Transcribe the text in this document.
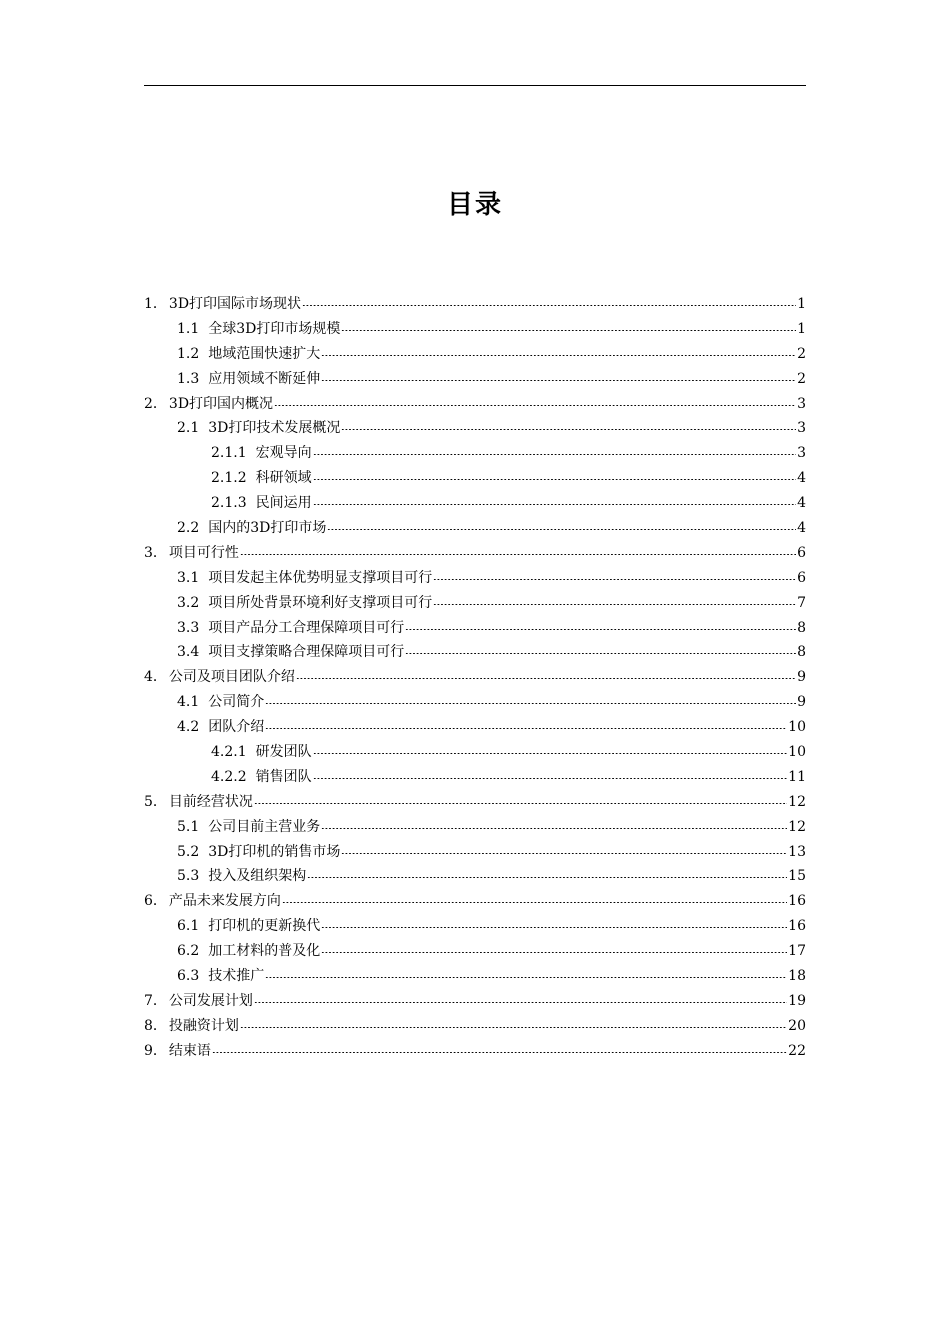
目录
1． 3D打印国际市场现状	1
1.1 全球3D打印市场规模	1
1.2 地域范围快速扩大	2
1.3 应用领域不断延伸	2
2． 3D打印国内概况	3
2.1 3D打印技术发展概况	3
2.1.1 宏观导向	3
2.1.2 科研领域	4
2.1.3 民间运用	4
2.2 国内的3D打印市场	4
3． 项目可行性	6
3.1 项目发起主体优势明显支撑项目可行	6
3.2 项目所处背景环境利好支撑项目可行	7
3.3 项目产品分工合理保障项目可行	8
3.4 项目支撑策略合理保障项目可行	8
4． 公司及项目团队介绍	9
4.1 公司简介	9
4.2 团队介绍	10
4.2.1 研发团队	10
4.2.2 销售团队	11
5． 目前经营状况	12
5.1 公司目前主营业务	12
5.2 3D打印机的销售市场	13
5.3 投入及组织架构	15
6． 产品未来发展方向	16
6.1 打印机的更新换代	16
6.2 加工材料的普及化	17
6.3 技术推广	18
7． 公司发展计划	19
8． 投融资计划	20
9． 结束语	22
